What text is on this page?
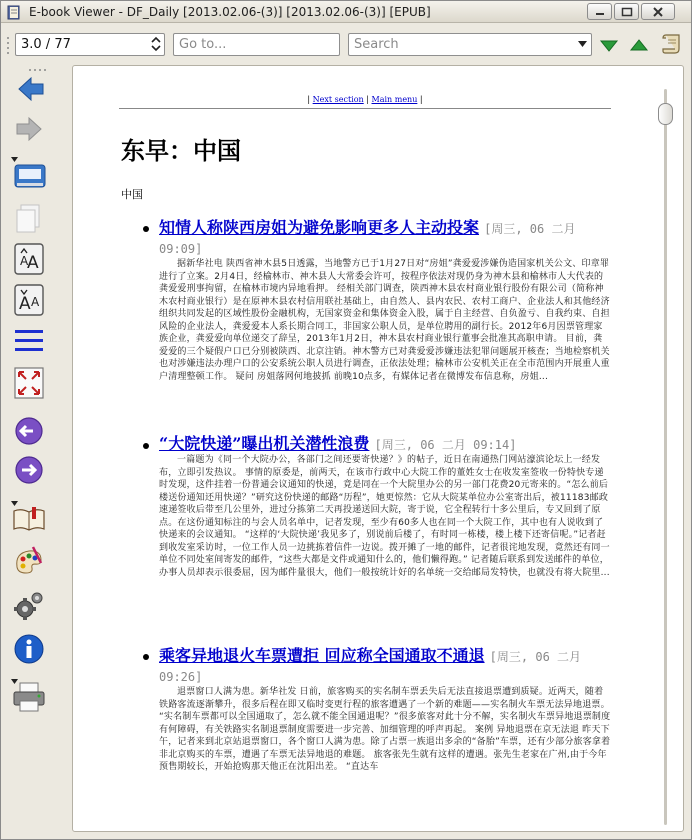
E-book Viewer - DF_Daily [2013.02.06-(3)] [2013.02.06-(3)] [EPUB]
3.0 / 77	Go to...	Search
A
A
A A
| Next section | Main menu |
东早：中国
中国
知情人称陕西房姐为避免影响更多人主动投案 [周三, 06 二月 09:09]
据新华社电 陕西省神木县5日透露，当地警方已于1月27日对“房姐”龚爱爱涉嫌伪造国家机关公文、印章罪进行了立案。2月4日，经榆林市、神木县人大常委会许可，按程序依法对现仍身为神木县和榆林市人大代表的龚爱爱刑事拘留，在榆林市境内异地看押。 经相关部门调查，陕西神木县农村商业银行股份有限公司（简称神木农村商业银行）是在原神木县农村信用联社基础上，由自然人、县内农民、农村工商户、企业法人和其他经济组织共同发起的区域性股份金融机构，无国家资金和集体资金入股，属于自主经营、自负盈亏、自我约束、自担风险的企业法人，龚爱爱本人系长期合同工，非国家公职人员，是单位聘用的副行长。2012年6月因票管理家族企业，龚爱爱向单位递交了辞呈，2013年1月2日，神木县农村商业银行董事会批准其高职申请。 目前，龚爱爱的三个疑假户口已分别被陕西、北京注销。神木警方已对龚爱爱涉嫌违法犯罪问题展开核查；当地检察机关也对涉嫌违法办理户口的公安系统公职人员进行调查，正依法处理；榆林市公安机关正在全市范围内开展重人重户清理整顿工作。 疑问 房姐落网何地披抓 前晚10点多，有媒体记者在微博发布信息称，房姐...
“大院快递”曝出机关潜性浪费 [周三, 06 二月 09:14]
一篇题为《同一个大院办公，各部门之间还要寄快递？》的帖子，近日在南通热门网站濠滨论坛上一经发布，立即引发热议。 事情的原委是，前两天，在该市行政中心大院工作的董姓女士在收发室签收一份特快专递时发现，这件挂着一份普通会议通知的快递，竟是同在一个大院里办公的另一部门花费20元寄来的。“怎么前后楼送份通知还用快递？”研究这份快递的邮路“历程”，她更惊然：它从大院某单位办公室寄出后，被11183邮政速递签收后带至几公里外，进过分拣第二天再投递送回大院，寄于说，它全程转行十多公里后，专又回到了原点。在这份通知标注的与会人员名单中，记者发现，至少有60多人也在同一个大院工作，其中也有人说收到了快递来的会议通知。 “这样的‘大院快递’我见多了，别说前后楼了，有时同一栋楼，楼上楼下还寄信呢。”记者赶到收发室采访时，一位工作人员一边挑拣着信件一边说。拨开摊了一地的邮件，记者很诧地发现，竟然还有同一单位不同处室间寄发的邮件，“这些大都是文件或通知什么的，他们懒得跑。” 记者随后联系到发送邮件的单位，办事人员却表示很委屈，因为邮件量很大，他们一般按统计好的名单统一交给邮局发特快，也就没有将大院里...
乘客异地退火车票遭拒 回应称全国通取不通退 [周三, 06 二月 09:26]
退票窗口人满为患。新华社发 日前，旅客购买的实名制车票丢失后无法直接退票遭到质疑。近两天，随着铁路客流逐渐攀升，很多后程在即又临时变更行程的旅客遭遇了一个新的难题——实名制火车票无法异地退票。 “实名制车票都可以全国通取了，怎么就不能全国通退呢？”很多旅客对此十分不解，实名制火车票异地退票制度有何障碍，有关铁路实名制退票制度需要进一步完善、加细管理的呼声再起。 案例 异地退票在京无法退 昨天下午，记者来到北京站退票窗口，各个窗口人满为患。除了占票一族退出多余的“备胎”车票，还有少部分旅客拿着非北京购买的车票，遭遇了车票无法异地退的难题。 旅客张先生就有这样的遭遇。张先生老家在广州,由于今年预售期较长，开始抢购那天他正在沈阳出差。 “直达车
